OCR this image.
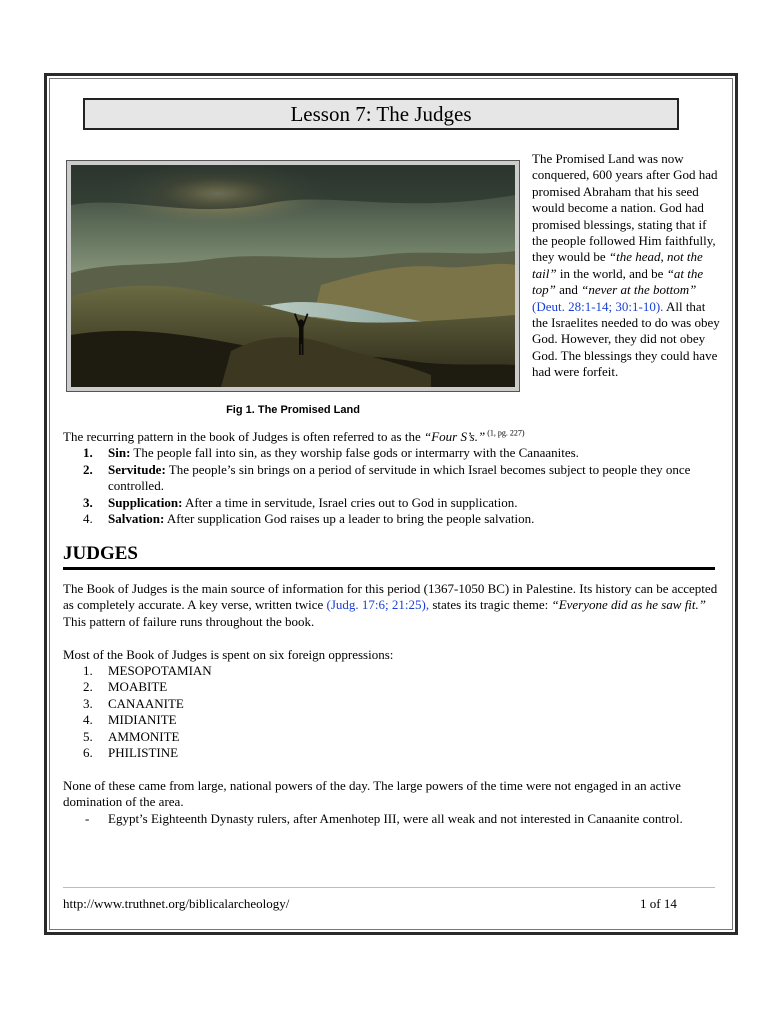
Lesson 7: The Judges
Fig 1. The Promised Land
The Promised Land was now conquered, 600 years after God had promised Abraham that his seed would become a nation. God had promised blessings, stating that if the people followed Him faithfully, they would be “the head, not the tail” in the world, and be “at the top” and “never at the bottom” (Deut. 28:1-14; 30:1-10). All that the Israelites needed to do was obey God. However, they did not obey God. The blessings they could have had were forfeit.
The recurring pattern in the book of Judges is often referred to as the “Four S’s.” $^{(1, pg. 227)}$
1. Sin: The people fall into sin, as they worship false gods or intermarry with the Canaanites.
2. Servitude: The people’s sin brings on a period of servitude in which Israel becomes subject to people they once controlled.
3. Supplication: After a time in servitude, Israel cries out to God in supplication.
4. Salvation: After supplication God raises up a leader to bring the people salvation.
JUDGES
The Book of Judges is the main source of information for this period (1367-1050 BC) in Palestine. Its history can be accepted as completely accurate. A key verse, written twice (Judg. 17:6; 21:25), states its tragic theme: “Everyone did as he saw fit.” This pattern of failure runs throughout the book.
Most of the Book of Judges is spent on six foreign oppressions:
1. MESOPOTAMIAN
2. MOABITE
3. CANAANITE
4. MIDIANITE
5. AMMONITE
6. PHILISTINE
None of these came from large, national powers of the day. The large powers of the time were not engaged in an active domination of the area.
- Egypt’s Eighteenth Dynasty rulers, after Amenhotep III, were all weak and not interested in Canaanite control.
http://www.truthnet.org/biblicalarcheology/	1 of 14
